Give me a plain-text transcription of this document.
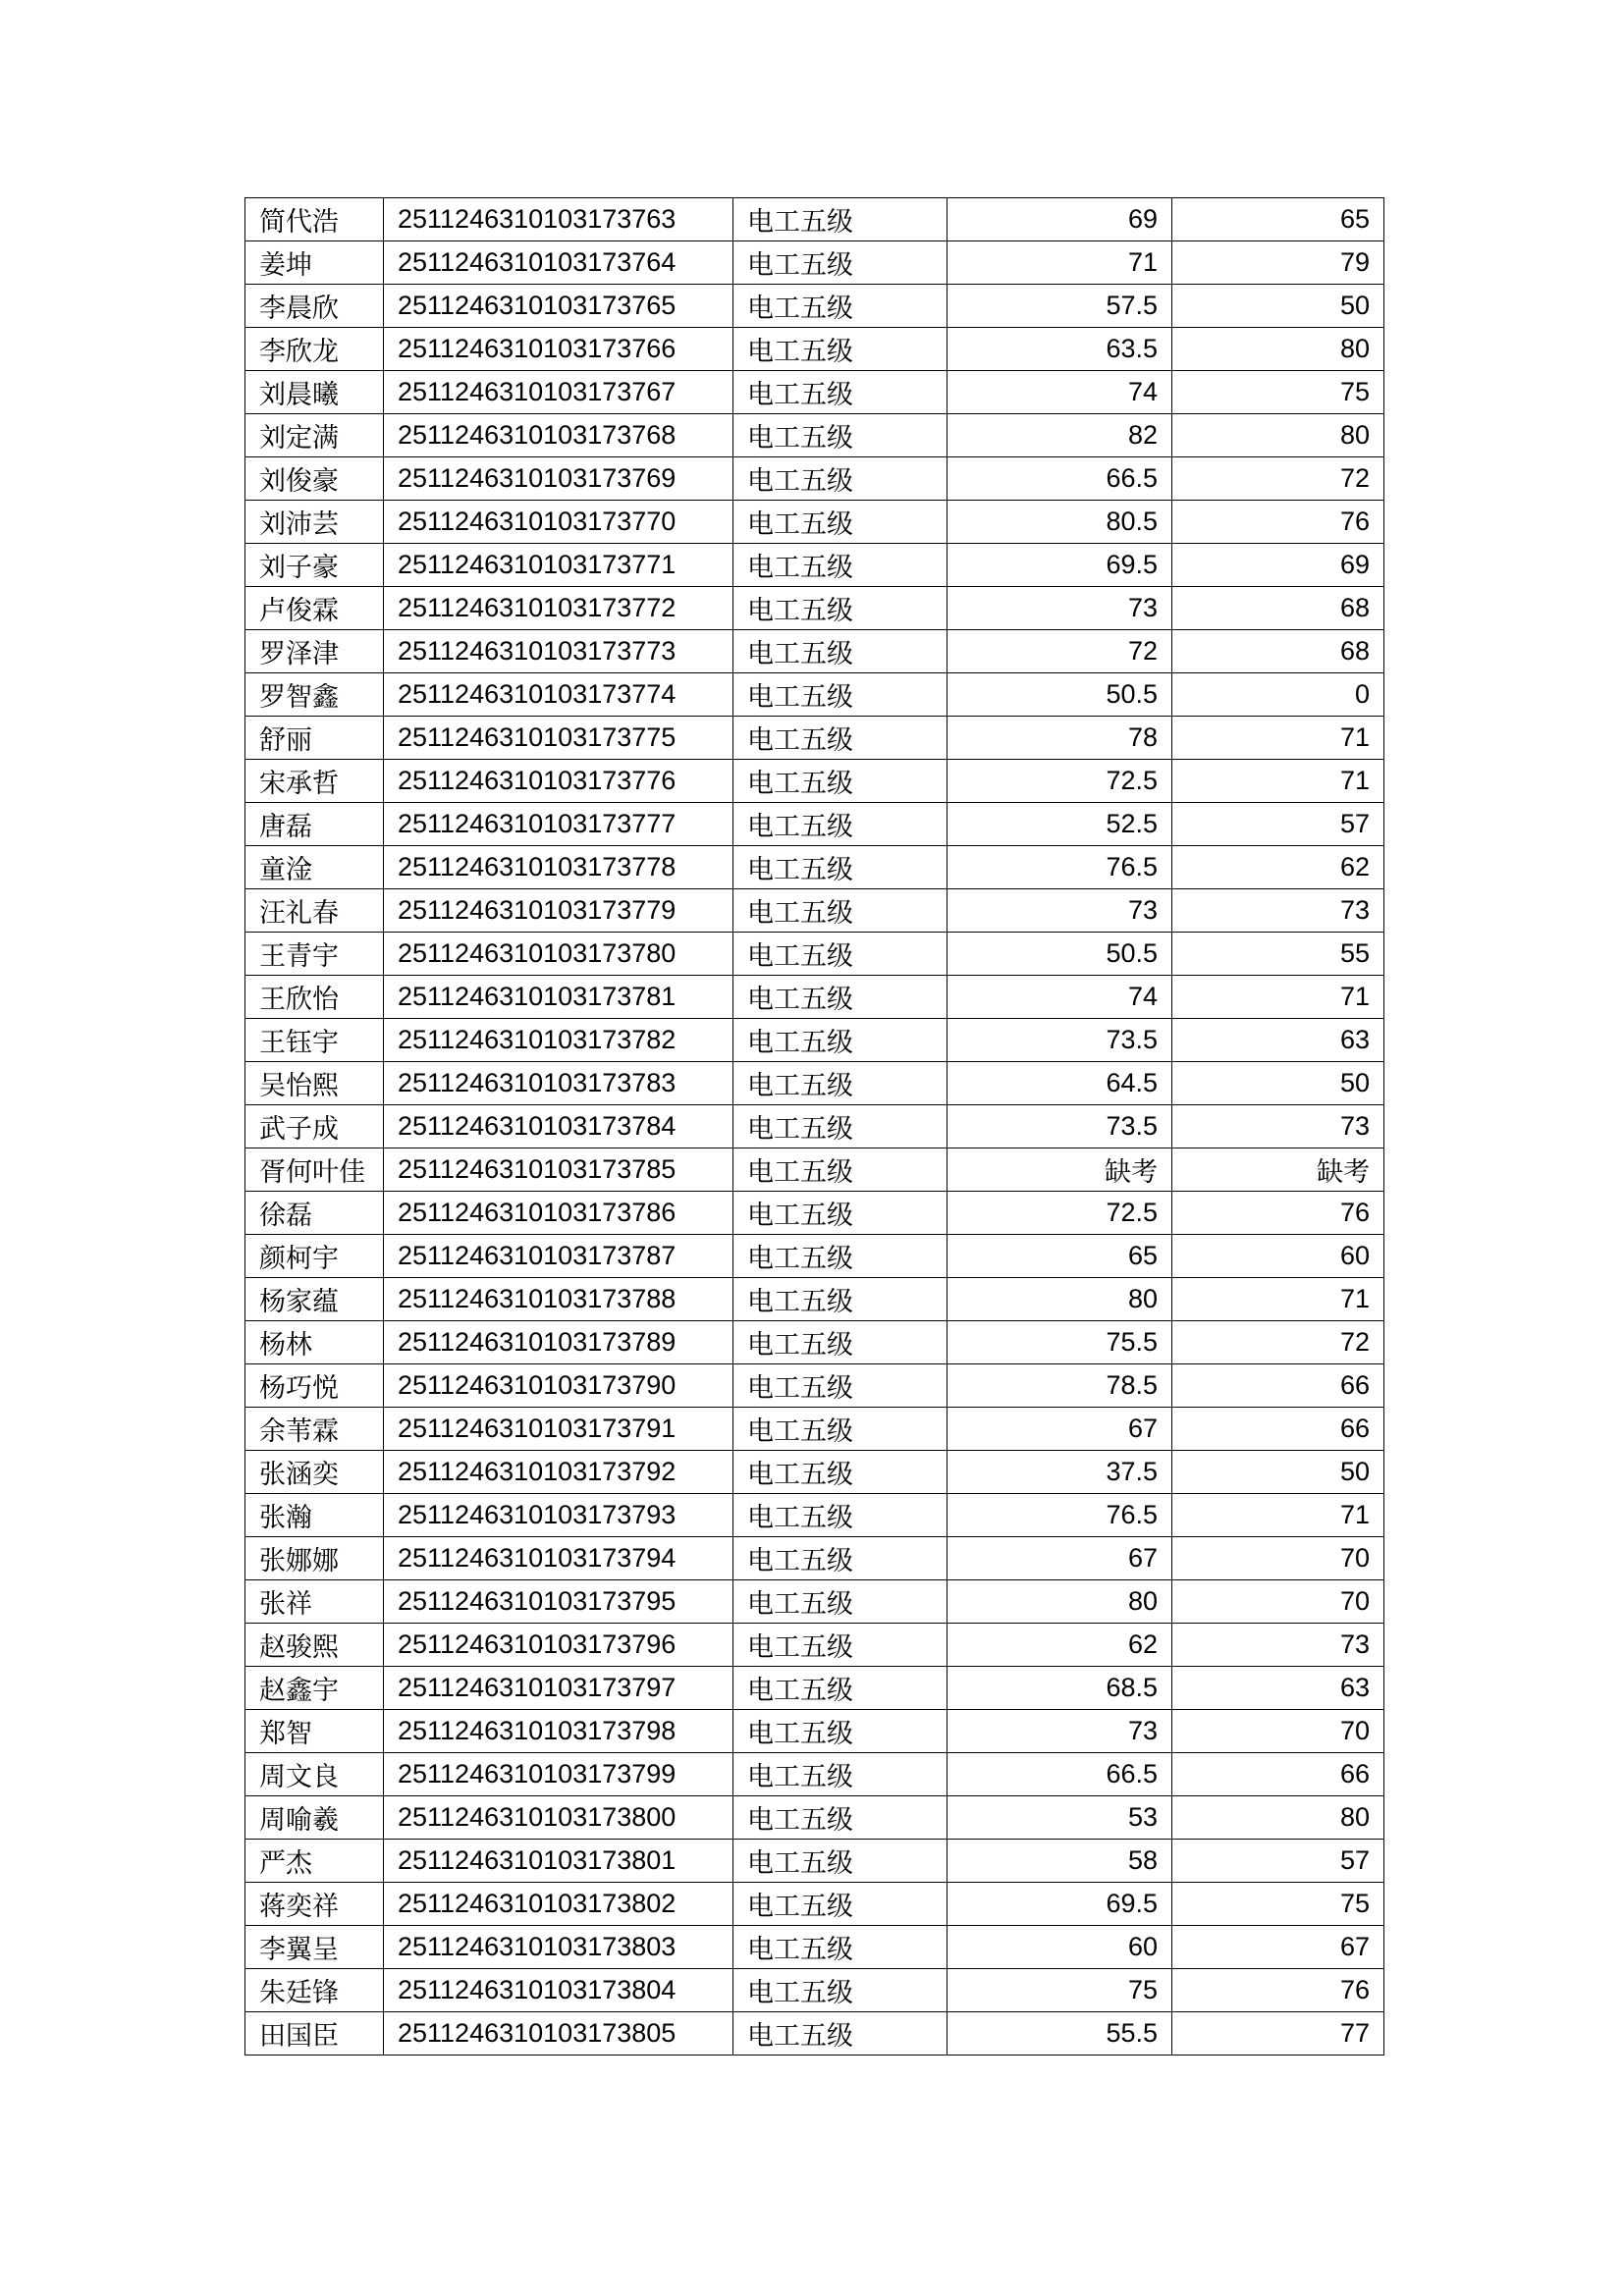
简代浩	2511246310103173763	电工五级	69	65
姜坤	2511246310103173764	电工五级	71	79
李晨欣	2511246310103173765	电工五级	57.5	50
李欣龙	2511246310103173766	电工五级	63.5	80
刘晨曦	2511246310103173767	电工五级	74	75
刘定满	2511246310103173768	电工五级	82	80
刘俊豪	2511246310103173769	电工五级	66.5	72
刘沛芸	2511246310103173770	电工五级	80.5	76
刘子豪	2511246310103173771	电工五级	69.5	69
卢俊霖	2511246310103173772	电工五级	73	68
罗泽津	2511246310103173773	电工五级	72	68
罗智鑫	2511246310103173774	电工五级	50.5	0
舒丽	2511246310103173775	电工五级	78	71
宋承哲	2511246310103173776	电工五级	72.5	71
唐磊	2511246310103173777	电工五级	52.5	57
童淦	2511246310103173778	电工五级	76.5	62
汪礼春	2511246310103173779	电工五级	73	73
王青宇	2511246310103173780	电工五级	50.5	55
王欣怡	2511246310103173781	电工五级	74	71
王钰宇	2511246310103173782	电工五级	73.5	63
吴怡熙	2511246310103173783	电工五级	64.5	50
武子成	2511246310103173784	电工五级	73.5	73
胥何叶佳	2511246310103173785	电工五级	缺考	缺考
徐磊	2511246310103173786	电工五级	72.5	76
颜柯宇	2511246310103173787	电工五级	65	60
杨家蕴	2511246310103173788	电工五级	80	71
杨林	2511246310103173789	电工五级	75.5	72
杨巧悦	2511246310103173790	电工五级	78.5	66
余苇霖	2511246310103173791	电工五级	67	66
张涵奕	2511246310103173792	电工五级	37.5	50
张瀚	2511246310103173793	电工五级	76.5	71
张娜娜	2511246310103173794	电工五级	67	70
张祥	2511246310103173795	电工五级	80	70
赵骏熙	2511246310103173796	电工五级	62	73
赵鑫宇	2511246310103173797	电工五级	68.5	63
郑智	2511246310103173798	电工五级	73	70
周文良	2511246310103173799	电工五级	66.5	66
周喻羲	2511246310103173800	电工五级	53	80
严杰	2511246310103173801	电工五级	58	57
蒋奕祥	2511246310103173802	电工五级	69.5	75
李翼呈	2511246310103173803	电工五级	60	67
朱廷锋	2511246310103173804	电工五级	75	76
田国臣	2511246310103173805	电工五级	55.5	77
